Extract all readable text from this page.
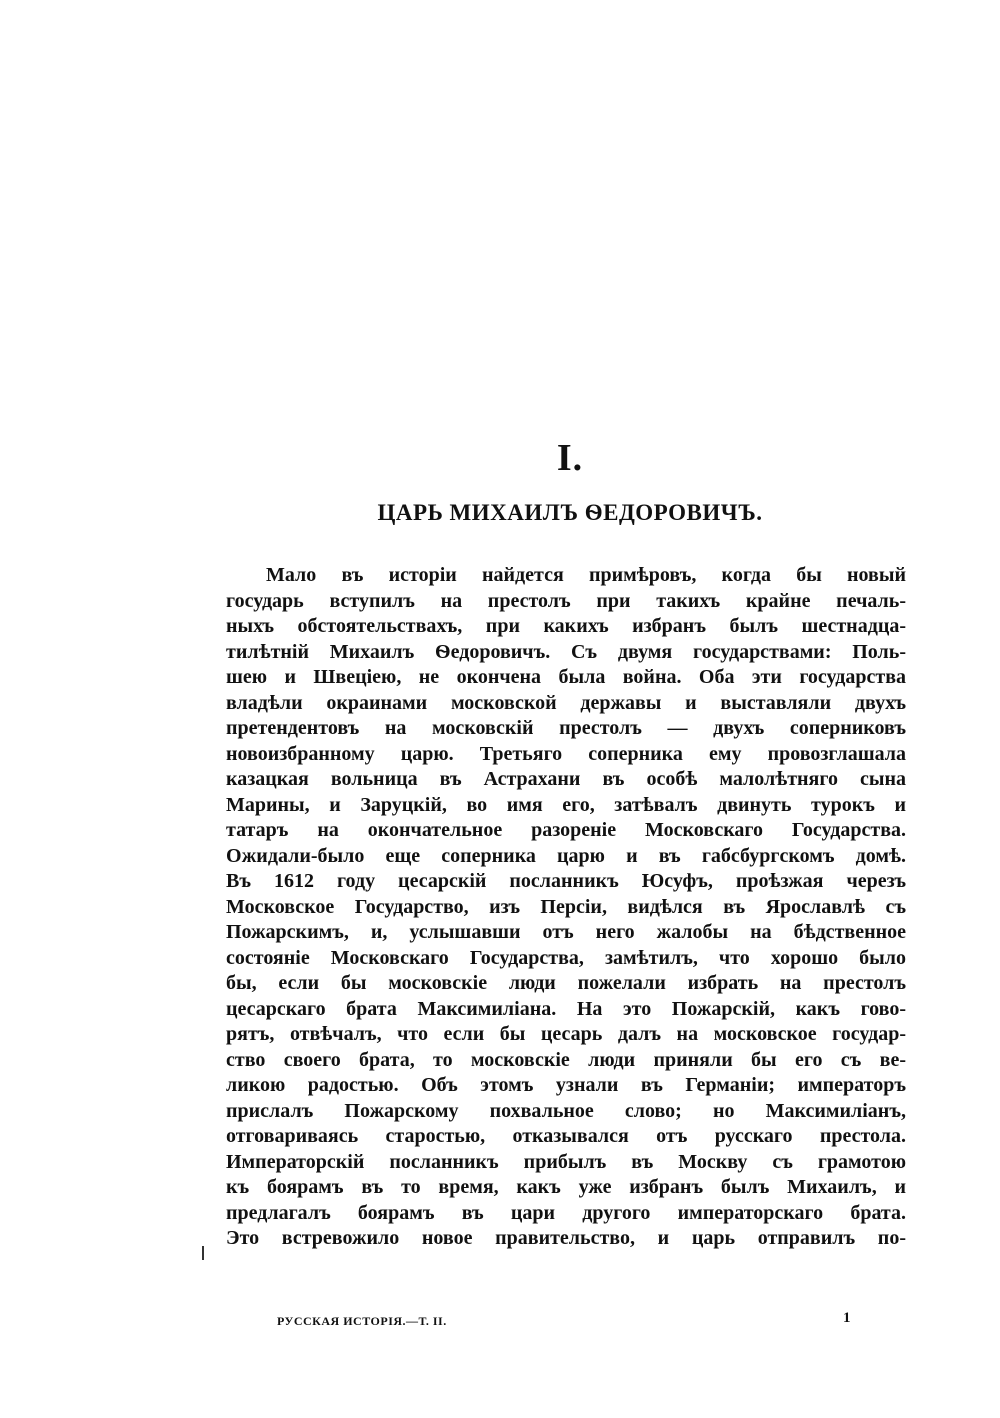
I.
ЦАРЬ МИХАИЛЪ ѲЕДОРОВИЧЪ.
Мало въ исторіи найдется примѣровъ, когда бы новый
государь вступилъ на престолъ при такихъ крайне печаль-
ныхъ обстоятельствахъ, при какихъ избранъ былъ шестнадца-
тилѣтній Михаилъ Ѳедоровичъ. Съ двумя государствами: Поль-
шею и Швеціею, не окончена была война. Оба эти государства
владѣли окраинами московской державы и выставляли двухъ
претендентовъ на московскій престолъ — двухъ соперниковъ
новоизбранному царю. Третьяго соперника ему провозглашала
казацкая вольница въ Астрахани въ особѣ малолѣтняго сына
Марины, и Заруцкій, во имя его, затѣвалъ двинуть турокъ и
татаръ на окончательное разореніе Московскаго Государства.
Ожидали-было еще соперника царю и въ габсбургскомъ домѣ.
Въ 1612 году цесарскій посланникъ Юсуфъ, проѣзжая черезъ
Московское Государство, изъ Персіи, видѣлся въ Ярославлѣ съ
Пожарскимъ, и, услышавши отъ него жалобы на бѣдственное
состояніе Московскаго Государства, замѣтилъ, что хорошо было
бы, если бы московскіе люди пожелали избрать на престолъ
цесарскаго брата Максимиліана. На это Пожарскій, какъ гово-
рятъ, отвѣчалъ, что если бы цесарь далъ на московское государ-
ство своего брата, то московскіе люди приняли бы его съ ве-
ликою радостью. Объ этомъ узнали въ Германіи; императоръ
прислалъ Пожарскому похвальное слово; но Максимиліанъ,
отговариваясь старостью, отказывался отъ русскаго престола.
Императорскій посланникъ прибылъ въ Москву съ грамотою
къ боярамъ въ то время, какъ уже избранъ былъ Михаилъ, и
предлагалъ боярамъ въ цари другого императорскаго брата.
Это встревожило новое правительство, и царь отправилъ по-
РУССКАЯ ИСТОРІЯ.—Т. II.	1
